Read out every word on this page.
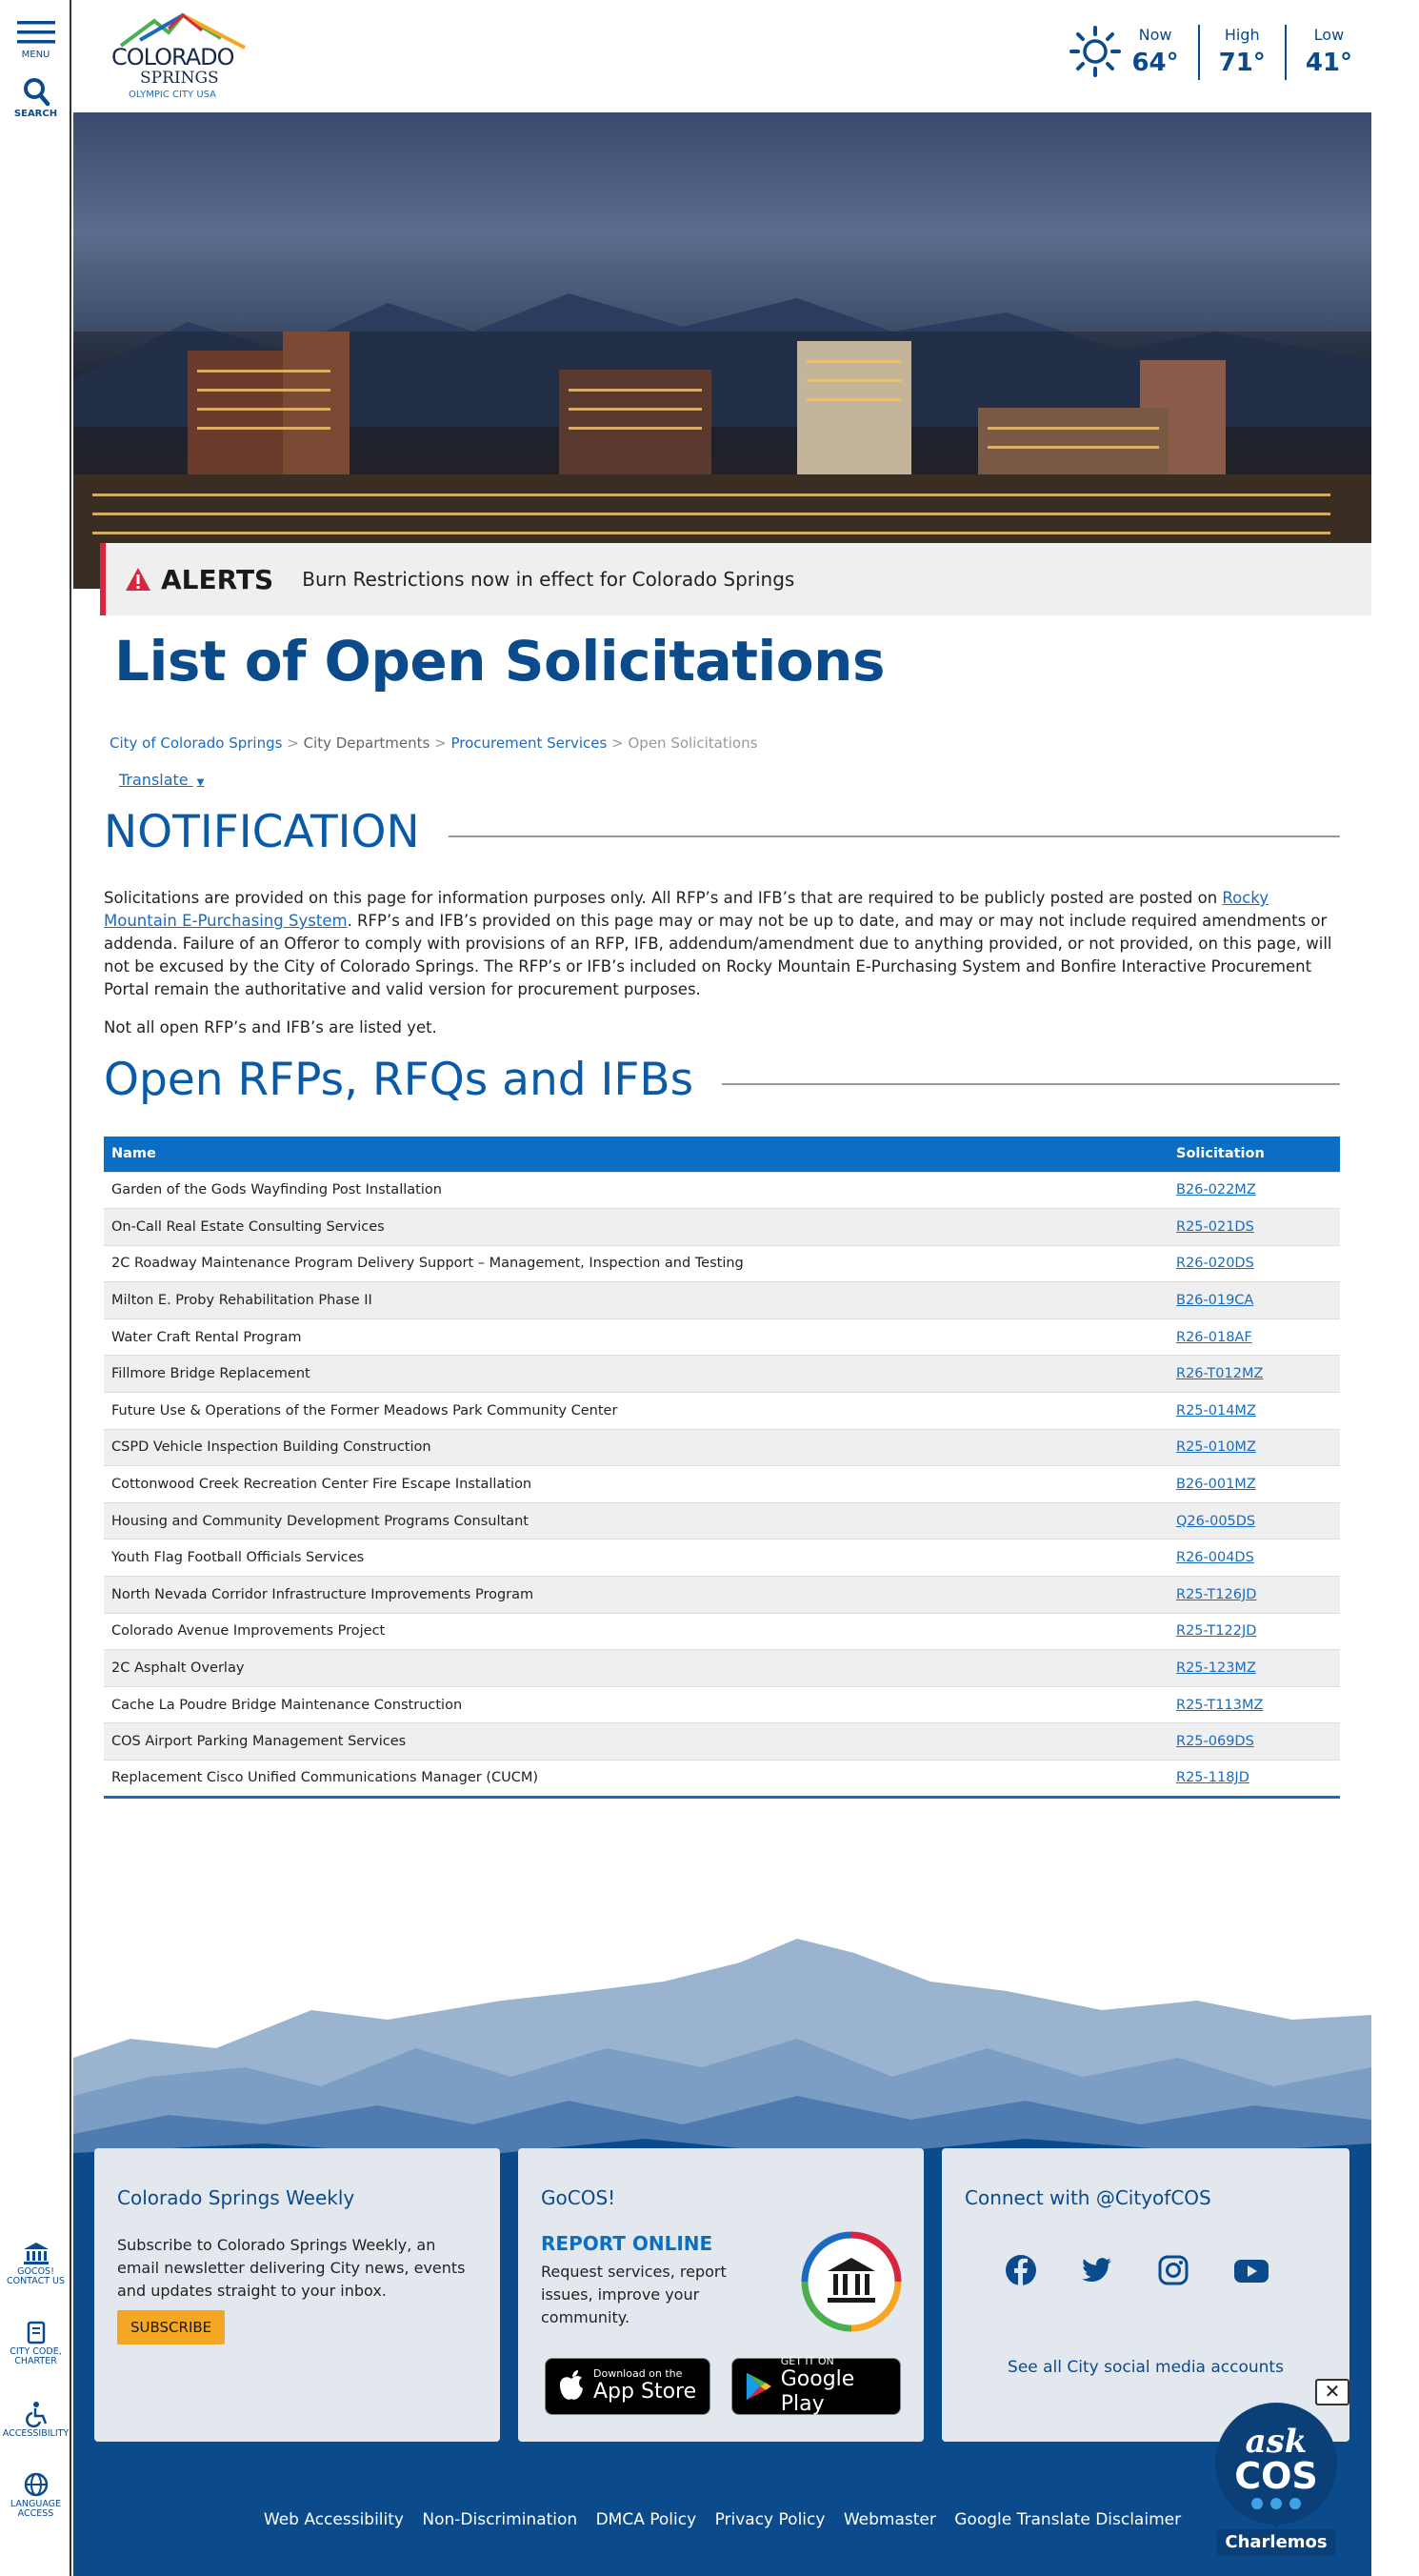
MENU
SEARCH
GOCOS! CONTACT US
CITY CODE, CHARTER
ACCESSIBILITY
LANGUAGE ACCESS
COLORADO
SPRINGS
OLYMPIC CITY USA
Now
64°
High
71°
Low
41°
ALERTS Burn Restrictions now in effect for Colorado Springs
List of Open Solicitations
City of Colorado Springs > City Departments > Procurement Services > Open Solicitations
Translate ▼
NOTIFICATION

Solicitations are provided on this page for information purposes only. All RFP’s and IFB’s that are required to be publicly posted are posted on Rocky Mountain E-Purchasing System. RFP’s and IFB’s provided on this page may or may not be up to date, and may or may not include required amendments or addenda. Failure of an Offeror to comply with provisions of an RFP, IFB, addendum/amendment due to anything provided, or not provided, on this page, will not be excused by the City of Colorado Springs. The RFP’s or IFB’s included on Rocky Mountain E-Purchasing System and Bonfire Interactive Procurement Portal remain the authoritative and valid version for procurement purposes.

Not all open RFP’s and IFB’s are listed yet.

Open RFPs, RFQs and IFBs
Name	Solicitation
Garden of the Gods Wayfinding Post Installation	B26-022MZ
On-Call Real Estate Consulting Services	R25-021DS
2C Roadway Maintenance Program Delivery Support – Management, Inspection and Testing	R26-020DS
Milton E. Proby Rehabilitation Phase II	B26-019CA
Water Craft Rental Program	R26-018AF
Fillmore Bridge Replacement	R26-T012MZ
Future Use & Operations of the Former Meadows Park Community Center	R25-014MZ
CSPD Vehicle Inspection Building Construction	R25-010MZ
Cottonwood Creek Recreation Center Fire Escape Installation	B26-001MZ
Housing and Community Development Programs Consultant	Q26-005DS
Youth Flag Football Officials Services	R26-004DS
North Nevada Corridor Infrastructure Improvements Program	R25-T126JD
Colorado Avenue Improvements Project	R25-T122JD
2C Asphalt Overlay	R25-123MZ
Cache La Poudre Bridge Maintenance Construction	R25-T113MZ
COS Airport Parking Management Services	R25-069DS
Replacement Cisco Unified Communications Manager (CUCM)	R25-118JD
Colorado Springs Weekly
Subscribe to Colorado Springs Weekly, an email newsletter delivering City news, events and updates straight to your inbox.
SUBSCRIBE
GoCOS!
REPORT ONLINE
Request services, report issues, improve your community.
Download on the
App Store
GET IT ON
Google Play
Connect with @CityofCOS
See all City social media accounts
Web Accessibility Non-Discrimination DMCA Policy Privacy Policy Webmaster Google Translate Disclaimer
✕
ask
COS
Charlemos
